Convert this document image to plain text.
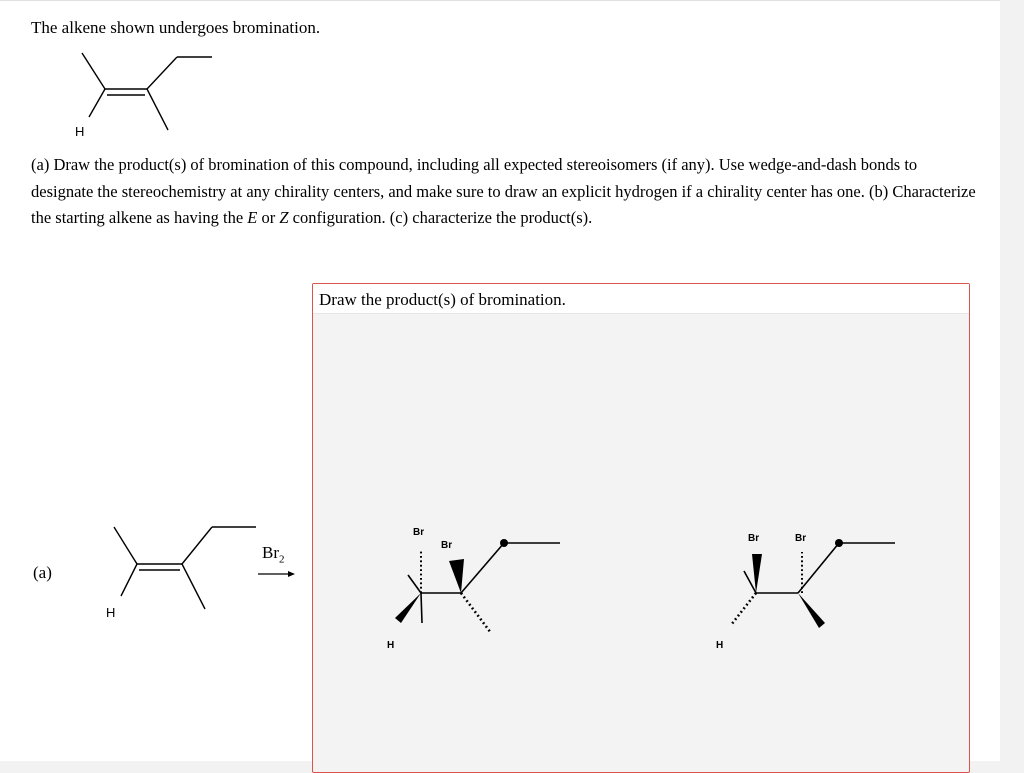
The alkene shown undergoes bromination.

H

(a) Draw the product(s) of bromination of this compound, including all expected stereoisomers (if any). Use wedge-and-dash bonds to designate the stereochemistry at any chirality centers, and make sure to draw an explicit hydrogen if a chirality center has one. (b) Characterize the starting alkene as having the E or Z configuration. (c) characterize the product(s).

(a)
H
$Br_2$
Draw the product(s) of bromination.
Br
Br
H
Br	Br
H
